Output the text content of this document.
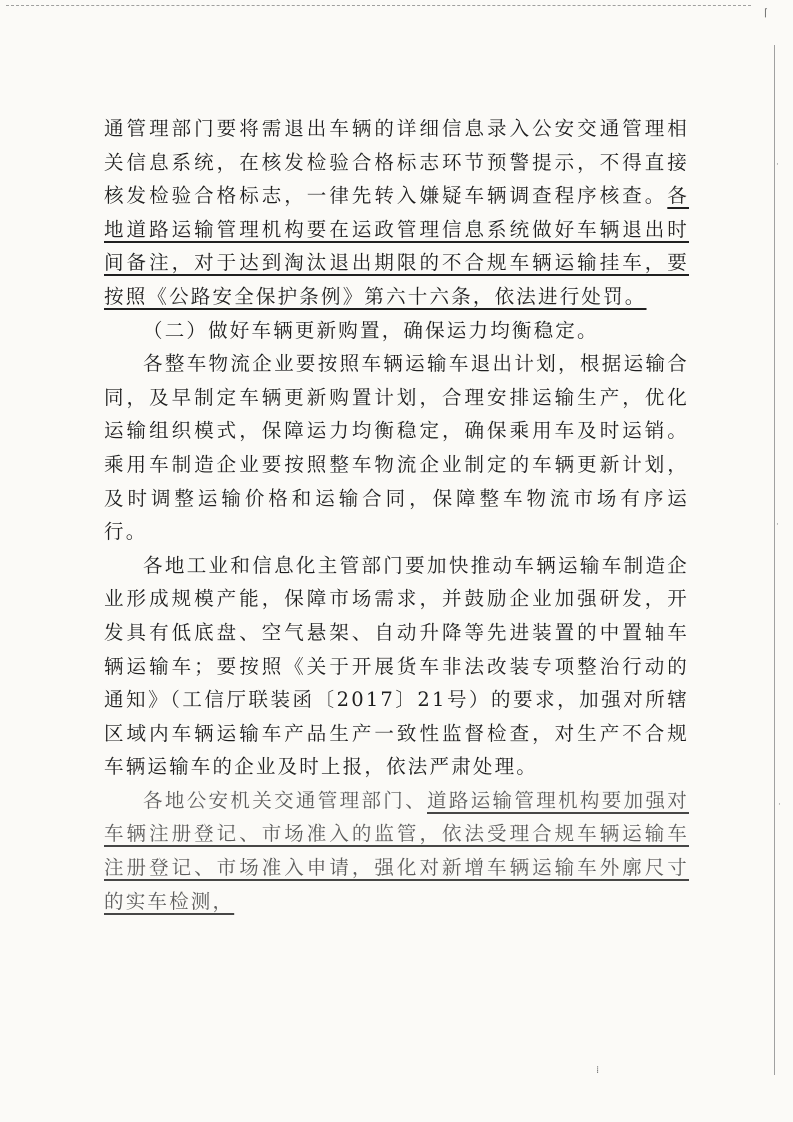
⌈
·
·
·

通管理部门要将需退出车辆的详细信息录入公安交通管理相关信息系统，在核发检验合格标志环节预警提示，不得直接核发检验合格标志，一律先转入嫌疑车辆调查程序核查。各地道路运输管理机构要在运政管理信息系统做好车辆退出时间备注，对于达到淘汰退出期限的不合规车辆运输挂车，要按照《公路安全保护条例》第六十六条，依法进行处罚。

（二）做好车辆更新购置，确保运力均衡稳定。

各整车物流企业要按照车辆运输车退出计划，根据运输合同，及早制定车辆更新购置计划，合理安排运输生产，优化运输组织模式，保障运力均衡稳定，确保乘用车及时运销。乘用车制造企业要按照整车物流企业制定的车辆更新计划，及时调整运输价格和运输合同，保障整车物流市场有序运行。

各地工业和信息化主管部门要加快推动车辆运输车制造企业形成规模产能，保障市场需求，并鼓励企业加强研发，开发具有低底盘、空气悬架、自动升降等先进装置的中置轴车辆运输车；要按照《关于开展货车非法改装专项整治行动的通知》（工信厅联装函〔2017〕21号）的要求，加强对所辖区域内车辆运输车产品生产一致性监督检查，对生产不合规车辆运输车的企业及时上报，依法严肃处理。

各地公安机关交通管理部门、道路运输管理机构要加强对车辆注册登记、市场准入的监管，依法受理合规车辆运输车注册登记、市场准入申请，强化对新增车辆运输车外廓尺寸的实车检测，

⁞
